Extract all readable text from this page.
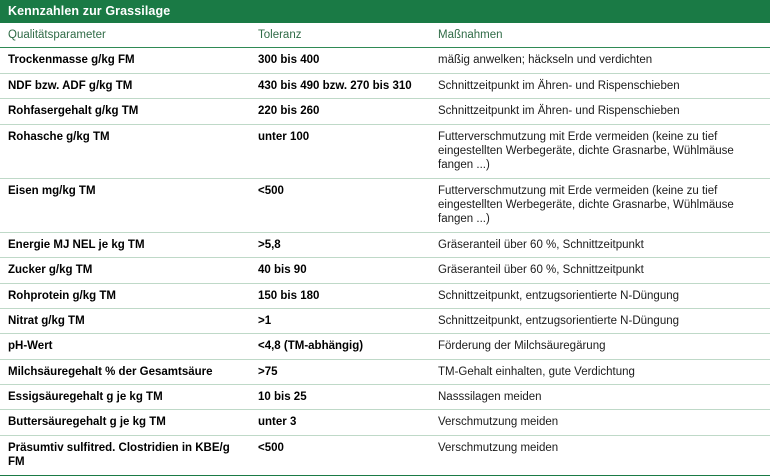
Kennzahlen zur Grassilage
Qualitätsparameter	Toleranz	Maßnahmen
Trockenmasse g/kg FM	300 bis 400	mäßig anwelken; häckseln und verdichten
NDF bzw. ADF g/kg TM	430 bis 490 bzw. 270 bis 310	Schnittzeitpunkt im Ähren- und Rispenschieben
Rohfasergehalt g/kg TM	220 bis 260	Schnittzeitpunkt im Ähren- und Rispenschieben
Rohasche g/kg TM	unter 100	Futterverschmutzung mit Erde vermeiden (keine zu tief eingestellten Werbegeräte, dichte Grasnarbe, Wühlmäuse fangen ...)
Eisen mg/kg TM	<500	Futterverschmutzung mit Erde vermeiden (keine zu tief eingestellten Werbegeräte, dichte Grasnarbe, Wühlmäuse fangen ...)
Energie MJ NEL je kg TM	>5,8	Gräseranteil über 60 %, Schnittzeitpunkt
Zucker g/kg TM	40 bis 90	Gräseranteil über 60 %, Schnittzeitpunkt
Rohprotein g/kg TM	150 bis 180	Schnittzeitpunkt, entzugsorientierte N-Düngung
Nitrat g/kg TM	>1	Schnittzeitpunkt, entzugsorientierte N-Düngung
pH-Wert	<4,8 (TM-abhängig)	Förderung der Milchsäuregärung
Milchsäuregehalt % der Gesamtsäure	>75	TM-Gehalt einhalten, gute Verdichtung
Essigsäuregehalt g je kg TM	10 bis 25	Nasssilagen meiden
Buttersäuregehalt g je kg TM	unter 3	Verschmutzung meiden
Präsumtiv sulfitred. Clostridien in KBE/g FM	<500	Verschmutzung meiden
